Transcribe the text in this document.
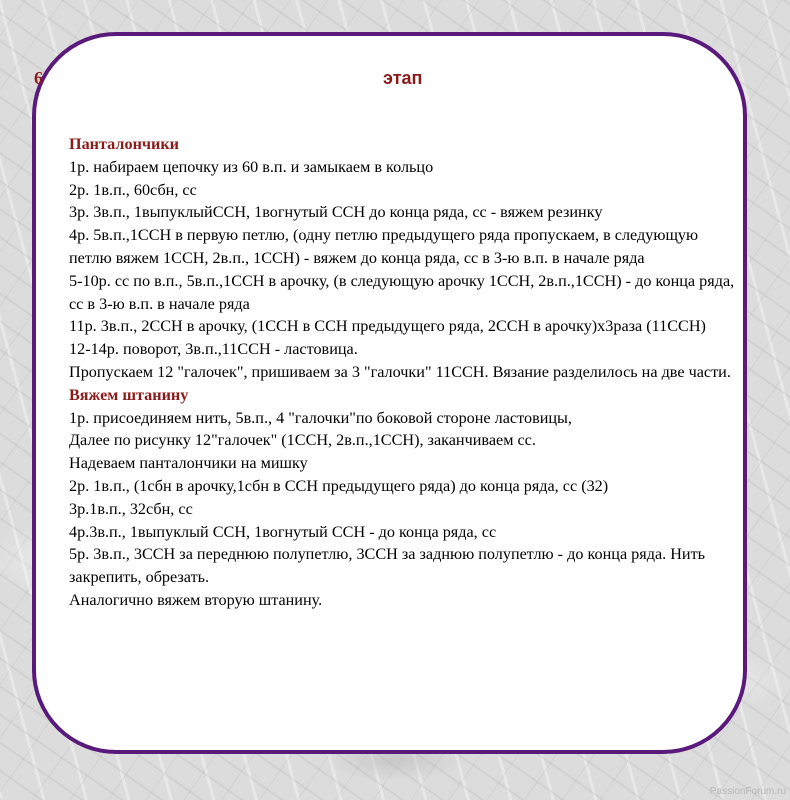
6	этап

Панталончики

1р. набираем цепочку из 60 в.п. и замыкаем в кольцо

2р. 1в.п., 60сбн, сс

3р. 3в.п., 1выпуклыйССН, 1вогнутый ССН до конца ряда, сс - вяжем резинку

4р. 5в.п.,1ССН в первую петлю, (одну петлю предыдущего ряда пропускаем, в следующую петлю вяжем 1ССН, 2в.п., 1ССН) - вяжем до конца ряда, сс в 3-ю в.п. в начале ряда

5-10р. сс по в.п., 5в.п.,1ССН в арочку, (в следующую арочку 1ССН, 2в.п.,1ССН) - до конца ряда, сс в 3-ю в.п. в начале ряда

11р. 3в.п., 2ССН в арочку, (1ССН в ССН предыдущего ряда, 2ССН в арочку)х3раза (11ССН)

12-14р. поворот, 3в.п.,11ССН - ластовица.

Пропускаем 12 "галочек", пришиваем за 3 "галочки" 11ССН. Вязание разделилось на две части.

Вяжем штанину

1р. присоединяем нить, 5в.п., 4 "галочки"по боковой стороне ластовицы,

Далее по рисунку 12"галочек" (1ССН, 2в.п.,1ССН), заканчиваем сс.

Надеваем панталончики на мишку

2р. 1в.п., (1сбн в арочку,1сбн в ССН предыдущего ряда) до конца ряда, сс (32)

3р.1в.п., 32сбн, сс

4р.3в.п., 1выпуклый ССН, 1вогнутый ССН - до конца ряда, сс

5р. 3в.п., 3ССН за переднюю полупетлю, 3ССН за заднюю полупетлю - до конца ряда. Нить закрепить, обрезать.

Аналогично вяжем вторую штанину.

PassionForum.ru
